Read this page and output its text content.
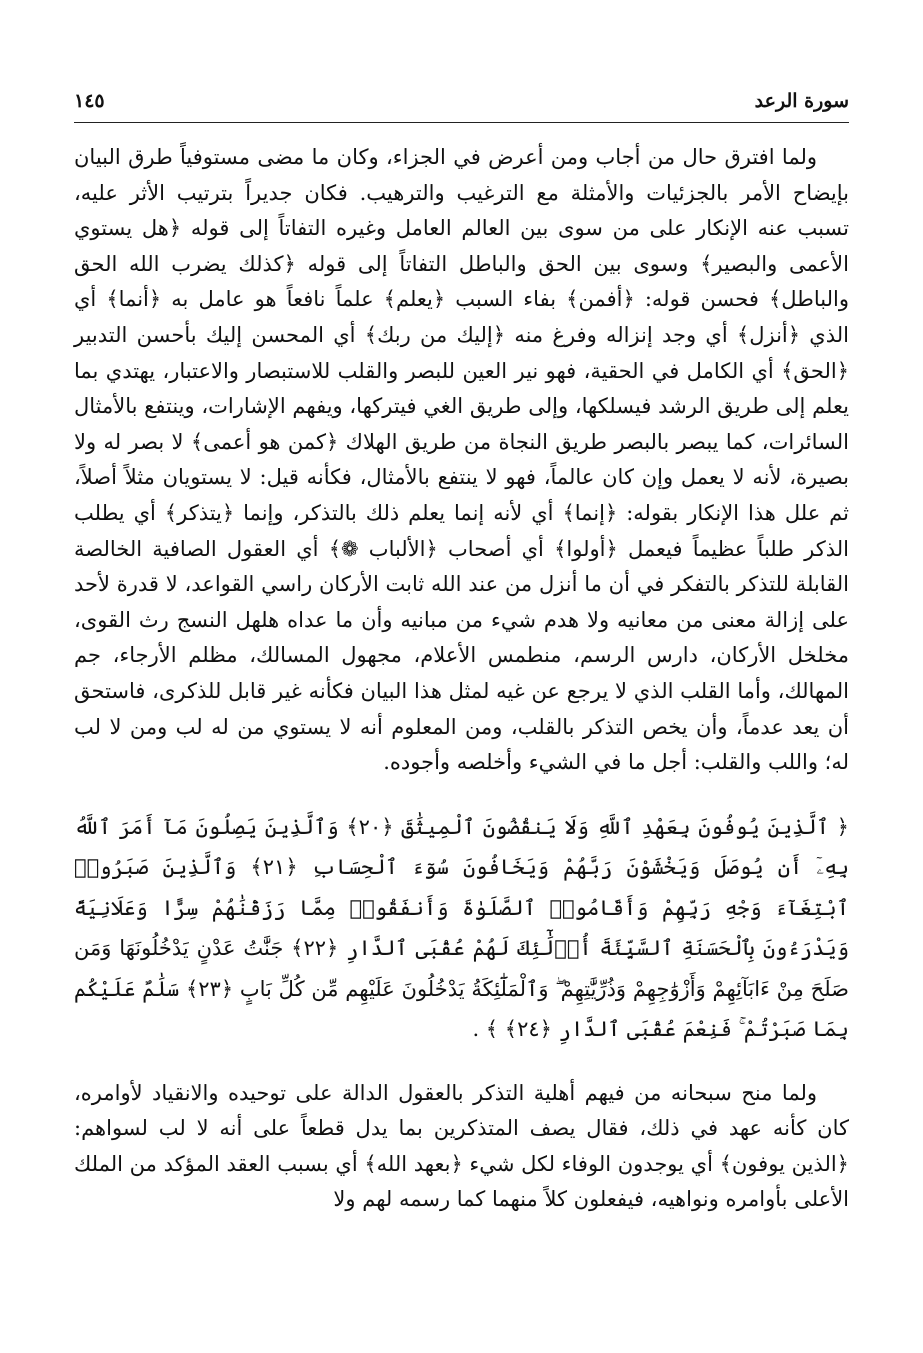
سورة الرعد
١٤٥

ولما افترق حال من أجاب ومن أعرض في الجزاء، وكان ما مضى مستوفياً طرق البيان بإيضاح الأمر بالجزئيات والأمثلة مع الترغيب والترهيب. فكان جديراً بترتيب الأثر عليه، تسبب عنه الإنكار على من سوى بين العالم العامل وغيره التفاتاً إلى قوله ﴿هل يستوي الأعمى والبصير﴾ وسوى بين الحق والباطل التفاتاً إلى قوله ﴿كذلك يضرب الله الحق والباطل﴾ فحسن قوله: ﴿أفمن﴾ بفاء السبب ﴿يعلم﴾ علماً نافعاً هو عامل به ﴿أنما﴾ أي الذي ﴿أنزل﴾ أي وجد إنزاله وفرغ منه ﴿إليك من ربك﴾ أي المحسن إليك بأحسن التدبير ﴿الحق﴾ أي الكامل في الحقية، فهو نير العين للبصر والقلب للاستبصار والاعتبار، يهتدي بما يعلم إلى طريق الرشد فيسلكها، وإلى طريق الغي فيتركها، ويفهم الإشارات، وينتفع بالأمثال السائرات، كما يبصر بالبصر طريق النجاة من طريق الهلاك ﴿كمن هو أعمى﴾ لا بصر له ولا بصيرة، لأنه لا يعمل وإن كان عالماً، فهو لا ينتفع بالأمثال، فكأنه قيل: لا يستويان مثلاً أصلاً، ثم علل هذا الإنكار بقوله: ﴿إنما﴾ أي لأنه إنما يعلم ذلك بالتذكر، وإنما ﴿يتذكر﴾ أي يطلب الذكر طلباً عظيماً فيعمل ﴿أولوا﴾ أي أصحاب ﴿الألباب ❁﴾ أي العقول الصافية الخالصة القابلة للتذكر بالتفكر في أن ما أنزل من عند الله ثابت الأركان راسي القواعد، لا قدرة لأحد على إزالة معنى من معانيه ولا هدم شيء من مبانيه وأن ما عداه هلهل النسج رث القوى، مخلخل الأركان، دارس الرسم، منطمس الأعلام، مجهول المسالك، مظلم الأرجاء، جم المهالك، وأما القلب الذي لا يرجع عن غيه لمثل هذا البيان فكأنه غير قابل للذكرى، فاستحق أن يعد عدماً، وأن يخص التذكر بالقلب، ومن المعلوم أنه لا يستوي من له لب ومن لا لب له؛ واللب والقلب: أجل ما في الشيء وأخلصه وأجوده.

﴿ ٱلَّذِينَ يُوفُونَ بِعَهْدِ ٱللَّهِ وَلَا يَنقُضُونَ ٱلْمِيثَٰقَ ﴿٢٠﴾ وَٱلَّذِينَ يَصِلُونَ مَآ أَمَرَ ٱللَّهُ بِهِۦٓ أَن يُوصَلَ وَيَخْشَوْنَ رَبَّهُمْ وَيَخَافُونَ سُوٓءَ ٱلْحِسَابِ ﴿٢١﴾ وَٱلَّذِينَ صَبَرُوا۟ ٱبْتِغَآءَ وَجْهِ رَبِّهِمْ وَأَقَامُوا۟ ٱلصَّلَوٰةَ وَأَنفَقُوا۟ مِمَّا رَزَقْنَٰهُمْ سِرًّا وَعَلَانِيَةً وَيَدْرَءُونَ بِٱلْحَسَنَةِ ٱلسَّيِّئَةَ أُو۟لَٰٓئِكَ لَهُمْ عُقْبَى ٱلدَّارِ ﴿٢٢﴾ جَنَّٰتُ عَدْنٍ يَدْخُلُونَهَا وَمَن صَلَحَ مِنْ ءَابَآئِهِمْ وَأَزْوَٰجِهِمْ وَذُرِّيَّٰتِهِمْ ۖ وَٱلْمَلَٰٓئِكَةُ يَدْخُلُونَ عَلَيْهِم مِّن كُلِّ بَابٍ ﴿٢٣﴾ سَلَٰمٌ عَلَيْكُم بِمَا صَبَرْتُمْ ۚ فَنِعْمَ عُقْبَى ٱلدَّارِ ﴿٢٤﴾ ﴾ .

ولما منح سبحانه من فيهم أهلية التذكر بالعقول الدالة على توحيده والانقياد لأوامره، كان كأنه عهد في ذلك، فقال يصف المتذكرين بما يدل قطعاً على أنه لا لب لسواهم: ﴿الذين يوفون﴾ أي يوجدون الوفاء لكل شيء ﴿بعهد الله﴾ أي بسبب العقد المؤكد من الملك الأعلى بأوامره ونواهيه، فيفعلون كلاً منهما كما رسمه لهم ولا
